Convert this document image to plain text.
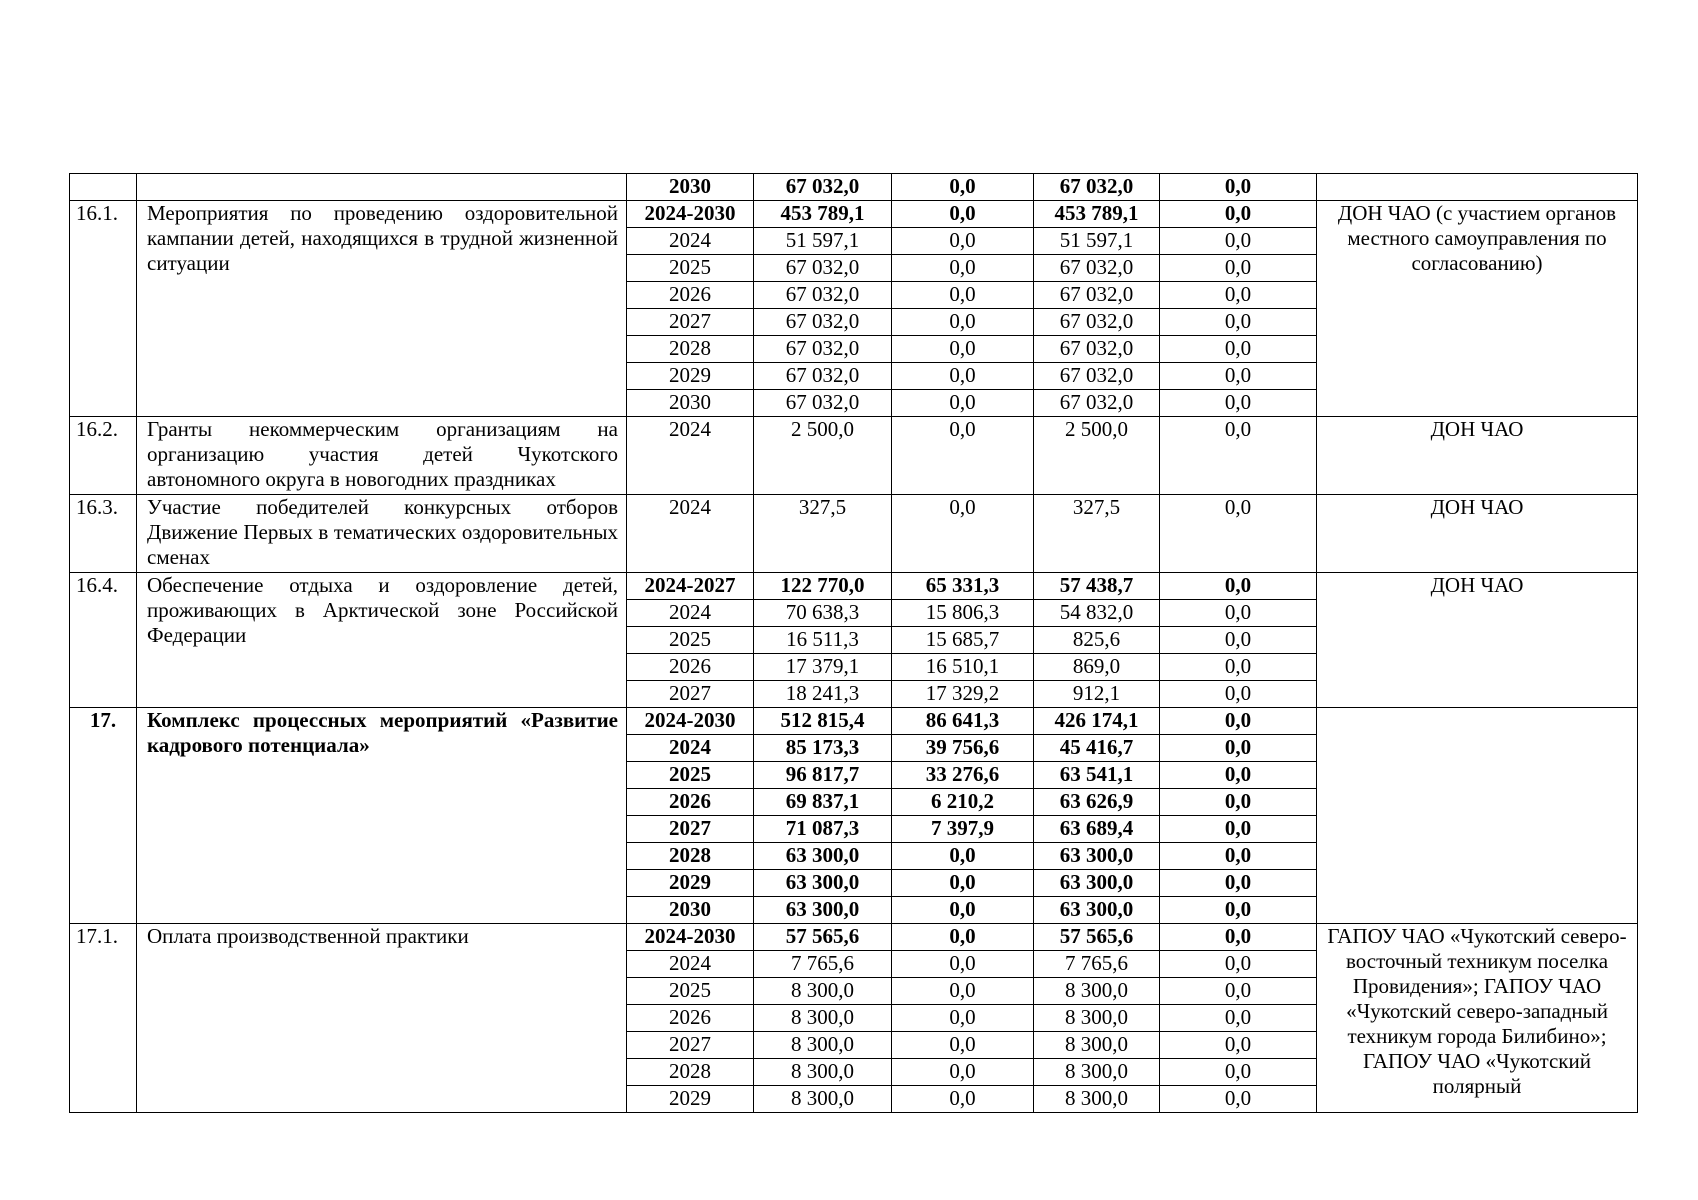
		2030	67 032,0	0,0	67 032,0	0,0	
16.1.	Мероприятия по проведению оздоровительной кампании детей, находящихся в трудной жизненной ситуации	2024-2030	453 789,1	0,0	453 789,1	0,0	ДОН ЧАО (с участием органов местного самоуправления по согласованию)
		2024	51 597,1	0,0	51 597,1	0,0	
		2025	67 032,0	0,0	67 032,0	0,0	
		2026	67 032,0	0,0	67 032,0	0,0	
		2027	67 032,0	0,0	67 032,0	0,0	
		2028	67 032,0	0,0	67 032,0	0,0	
		2029	67 032,0	0,0	67 032,0	0,0	
		2030	67 032,0	0,0	67 032,0	0,0	
16.2.	Гранты некоммерческим организациям на организацию участия детей Чукотского автономного округа в новогодних праздниках	2024	2 500,0	0,0	2 500,0	0,0	ДОН ЧАО
16.3.	Участие победителей конкурсных отборов Движение Первых в тематических оздоровительных сменах	2024	327,5	0,0	327,5	0,0	ДОН ЧАО
16.4.	Обеспечение отдыха и оздоровление детей, проживающих в Арктической зоне Российской Федерации	2024-2027	122 770,0	65 331,3	57 438,7	0,0	ДОН ЧАО
		2024	70 638,3	15 806,3	54 832,0	0,0	
		2025	16 511,3	15 685,7	825,6	0,0	
		2026	17 379,1	16 510,1	869,0	0,0	
		2027	18 241,3	17 329,2	912,1	0,0	
17.	Комплекс процессных мероприятий «Развитие кадрового потенциала»	2024-2030	512 815,4	86 641,3	426 174,1	0,0	
		2024	85 173,3	39 756,6	45 416,7	0,0	
		2025	96 817,7	33 276,6	63 541,1	0,0	
		2026	69 837,1	6 210,2	63 626,9	0,0	
		2027	71 087,3	7 397,9	63 689,4	0,0	
		2028	63 300,0	0,0	63 300,0	0,0	
		2029	63 300,0	0,0	63 300,0	0,0	
		2030	63 300,0	0,0	63 300,0	0,0	
17.1.	Оплата производственной практики	2024-2030	57 565,6	0,0	57 565,6	0,0	ГАПОУ ЧАО «Чукотский северо-восточный техникум поселка Провидения»; ГАПОУ ЧАО «Чукотский северо-западный техникум города Билибино»; ГАПОУ ЧАО «Чукотский полярный
		2024	7 765,6	0,0	7 765,6	0,0	
		2025	8 300,0	0,0	8 300,0	0,0	
		2026	8 300,0	0,0	8 300,0	0,0	
		2027	8 300,0	0,0	8 300,0	0,0	
		2028	8 300,0	0,0	8 300,0	0,0	
		2029	8 300,0	0,0	8 300,0	0,0	
